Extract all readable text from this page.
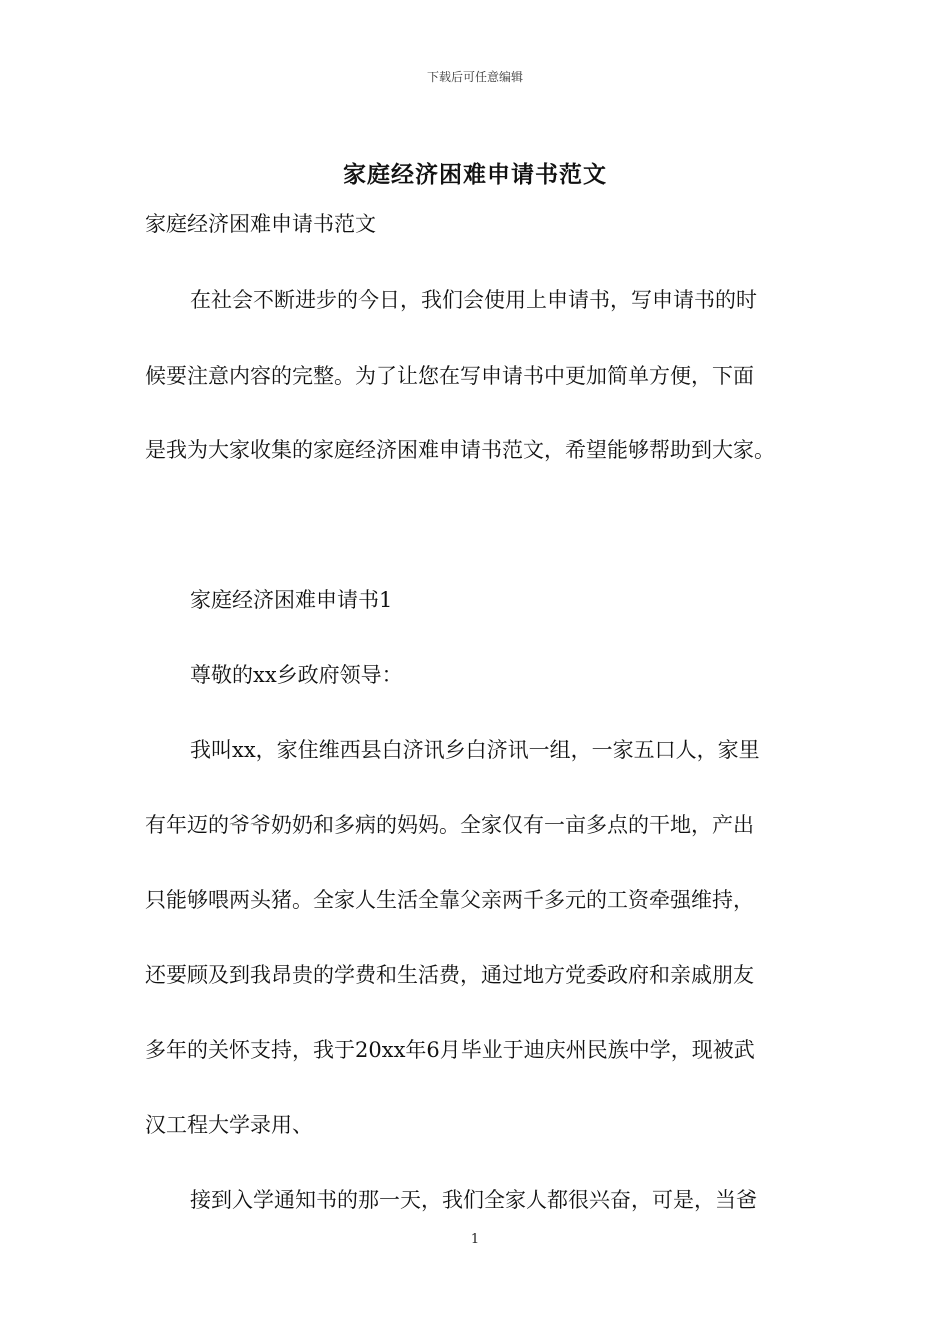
下载后可任意编辑
家庭经济困难申请书范文
家庭经济困难申请书范文
在社会不断进步的今日，我们会使用上申请书，写申请书的时
候要注意内容的完整。为了让您在写申请书中更加简单方便，下面
是我为大家收集的家庭经济困难申请书范文，希望能够帮助到大家。
家庭经济困难申请书1
尊敬的xx乡政府领导：
我叫xx，家住维西县白济讯乡白济讯一组，一家五口人，家里
有年迈的爷爷奶奶和多病的妈妈。全家仅有一亩多点的干地，产出
只能够喂两头猪。全家人生活全靠父亲两千多元的工资牵强维持，
还要顾及到我昂贵的学费和生活费，通过地方党委政府和亲戚朋友
多年的关怀支持，我于20xx年6月毕业于迪庆州民族中学，现被武
汉工程大学录用、
接到入学通知书的那一天，我们全家人都很兴奋，可是，当爸
1
